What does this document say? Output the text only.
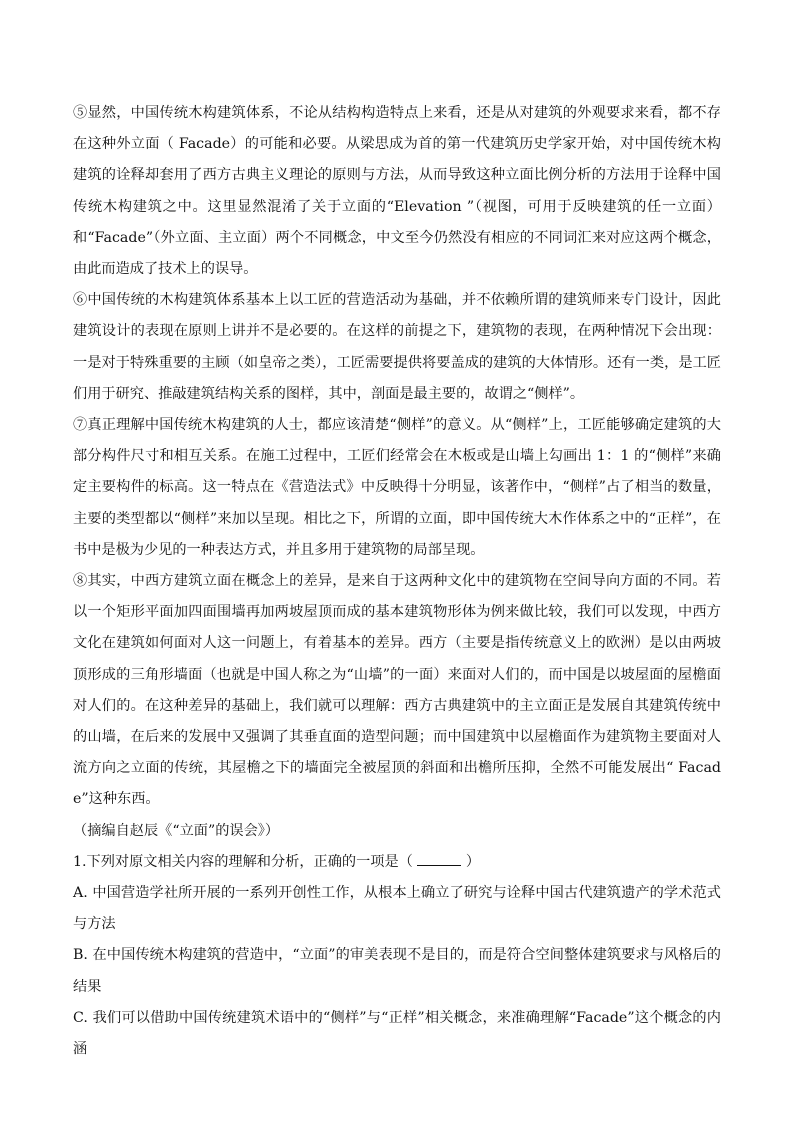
⑤显然，中国传统木构建筑体系，不论从结构构造特点上来看，还是从对建筑的外观要求来看，都不存在这种外立面（ Facade）的可能和必要。从梁思成为首的第一代建筑历史学家开始，对中国传统木构建筑的诠释却套用了西方古典主义理论的原则与方法，从而导致这种立面比例分析的方法用于诠释中国传统木构建筑之中。这里显然混淆了关于立面的“Elevation ”（视图，可用于反映建筑的任一立面）和“Facade”（外立面、主立面）两个不同概念，中文至今仍然没有相应的不同词汇来对应这两个概念，由此而造成了技术上的误导。

⑥中国传统的木构建筑体系基本上以工匠的营造活动为基础，并不依赖所谓的建筑师来专门设计，因此建筑设计的表现在原则上讲并不是必要的。在这样的前提之下，建筑物的表现，在两种情况下会出现：一是对于特殊重要的主顾（如皇帝之类），工匠需要提供将要盖成的建筑的大体情形。还有一类，是工匠们用于研究、推敲建筑结构关系的图样，其中，剖面是最主要的，故谓之“侧样”。

⑦真正理解中国传统木构建筑的人士，都应该清楚“侧样”的意义。从“侧样”上，工匠能够确定建筑的大部分构件尺寸和相互关系。在施工过程中，工匠们经常会在木板或是山墙上勾画出 1：1 的“侧样”来确定主要构件的标高。这一特点在《营造法式》中反映得十分明显，该著作中，“侧样”占了相当的数量，主要的类型都以“侧样”来加以呈现。相比之下，所谓的立面，即中国传统大木作体系之中的“正样”，在书中是极为少见的一种表达方式，并且多用于建筑物的局部呈现。

⑧其实，中西方建筑立面在概念上的差异，是来自于这两种文化中的建筑物在空间导向方面的不同。若以一个矩形平面加四面围墙再加两坡屋顶而成的基本建筑物形体为例来做比较，我们可以发现，中西方文化在建筑如何面对人这一问题上，有着基本的差异。西方（主要是指传统意义上的欧洲）是以由两坡顶形成的三角形墙面（也就是中国人称之为“山墙”的一面）来面对人们的，而中国是以坡屋面的屋檐面对人们的。在这种差异的基础上，我们就可以理解：西方古典建筑中的主立面正是发展自其建筑传统中的山墙，在后来的发展中又强调了其垂直面的造型问题；而中国建筑中以屋檐面作为建筑物主要面对人流方向之立面的传统，其屋檐之下的墙面完全被屋顶的斜面和出檐所压抑，全然不可能发展出“ Facade”这种东西。

（摘编自赵辰《“立面”的误会》）

1.下列对原文相关内容的理解和分析，正确的一项是（	）

A. 中国营造学社所开展的一系列开创性工作，从根本上确立了研究与诠释中国古代建筑遗产的学术范式与方法

B. 在中国传统木构建筑的营造中，“立面”的审美表现不是目的，而是符合空间整体建筑要求与风格后的结果

C. 我们可以借助中国传统建筑术语中的“侧样”与“正样”相关概念，来准确理解“Facade”这个概念的内涵
